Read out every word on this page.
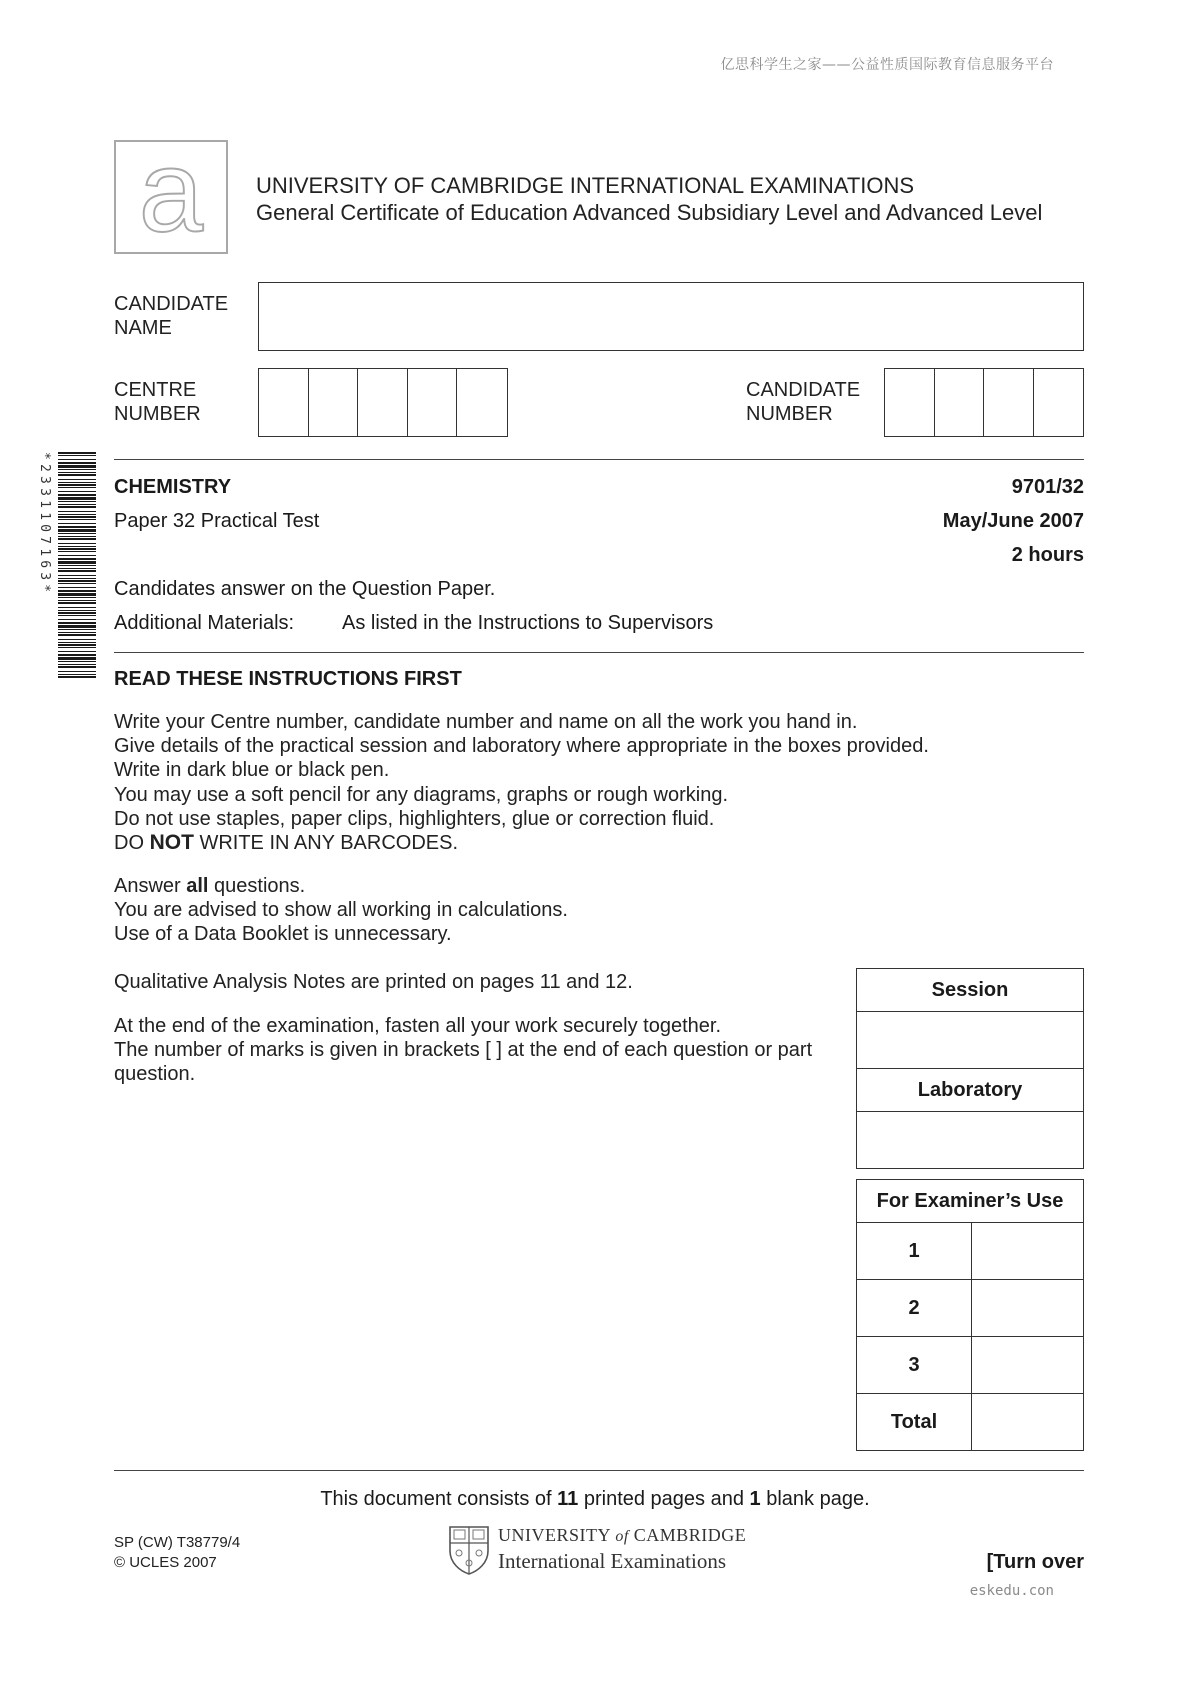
亿思科学生之家——公益性质国际教育信息服务平台
a UNIVERSITY OF CAMBRIDGE INTERNATIONAL EXAMINATIONS
General Certificate of Education Advanced Subsidiary Level and Advanced Level
CANDIDATE
NAME
CENTRE
NUMBER
CANDIDATE
NUMBER
*2331107163*	CHEMISTRY	9701/32
Paper 32 Practical Test	May/June 2007
2 hours
Candidates answer on the Question Paper.
Additional Materials: As listed in the Instructions to Supervisors
READ THESE INSTRUCTIONS FIRST

Write your Centre number, candidate number and name on all the work you hand in.

Give details of the practical session and laboratory where appropriate in the boxes provided.

Write in dark blue or black pen.

You may use a soft pencil for any diagrams, graphs or rough working.

Do not use staples, paper clips, highlighters, glue or correction fluid.

DO NOT WRITE IN ANY BARCODES.

Answer all questions.

You are advised to show all working in calculations.

Use of a Data Booklet is unnecessary.

Qualitative Analysis Notes are printed on pages 11 and 12.

At the end of the examination, fasten all your work securely together.

The number of marks is given in brackets [ ] at the end of each question or part

question.

Session

Laboratory

For Examiner’s Use	
1	
2	
3	
Total	
This document consists of 11 printed pages and 1 blank page.
SP (CW) T38779/4
© UCLES 2007
UNIVERSITY of CAMBRIDGE
International Examinations	[Turn over
eskedu.con
